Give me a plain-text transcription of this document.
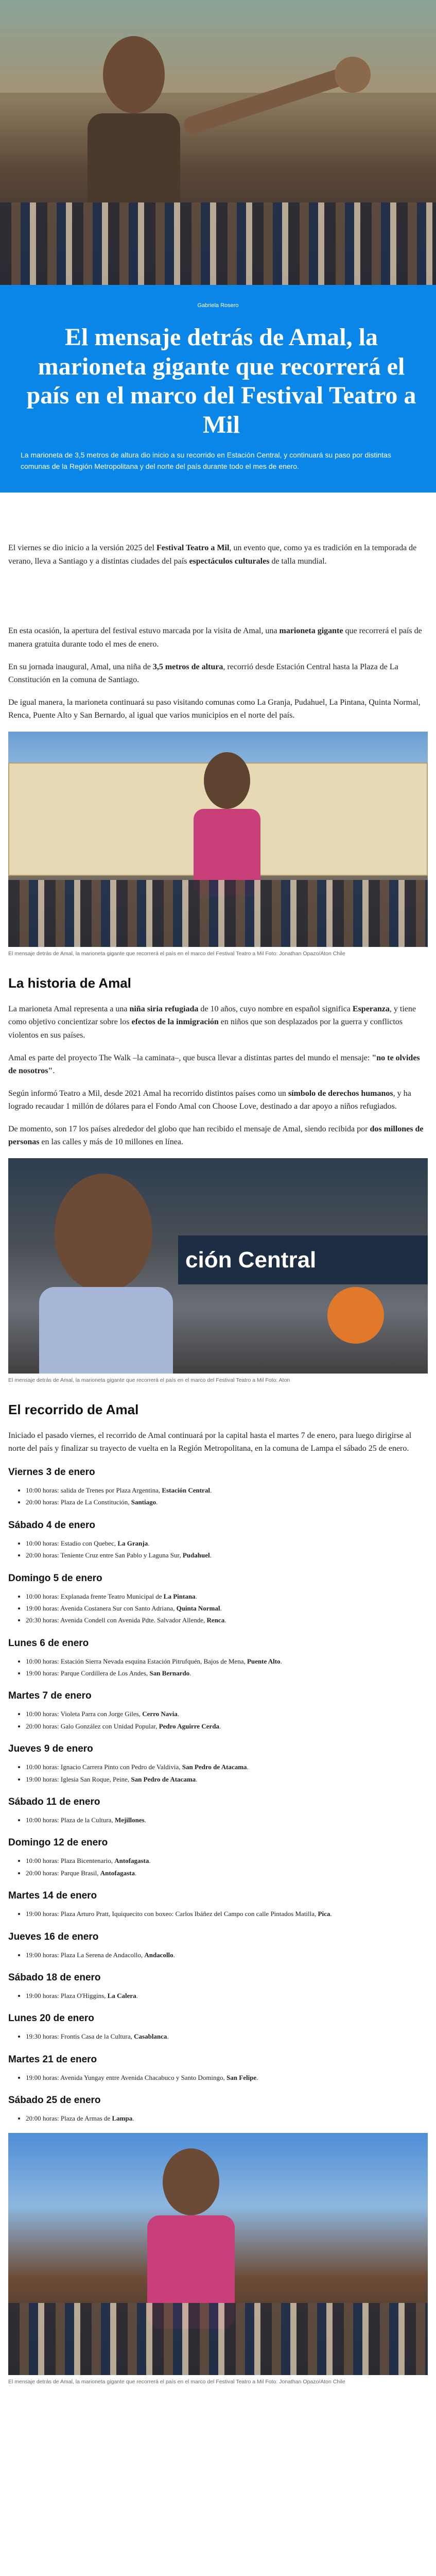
Gabriela Rosero
El mensaje detrás de Amal, la marioneta gigante que recorrerá el país en el marco del Festival Teatro a Mil

La marioneta de 3,5 metros de altura dio inicio a su recorrido en Estación Central, y continuará su paso por distintas comunas de la Región Metropolitana y del norte del país durante todo el mes de enero.

El viernes se dio inicio a la versión 2025 del Festival Teatro a Mil, un evento que, como ya es tradición en la temporada de verano, lleva a Santiago y a distintas ciudades del país espectáculos culturales de talla mundial.

En esta ocasión, la apertura del festival estuvo marcada por la visita de Amal, una marioneta gigante que recorrerá el país de manera gratuita durante todo el mes de enero.

En su jornada inaugural, Amal, una niña de 3,5 metros de altura, recorrió desde Estación Central hasta la Plaza de La Constitución en la comuna de Santiago.

De igual manera, la marioneta continuará su paso visitando comunas como La Granja, Pudahuel, La Pintana, Quinta Normal, Renca, Puente Alto y San Bernardo, al igual que varios municipios en el norte del país.

El mensaje detrás de Amal, la marioneta gigante que recorrerá el país en el marco del Festival Teatro a Mil Foto: Jonathan Opazo/Aton Chile
La historia de Amal

La marioneta Amal representa a una niña siria refugiada de 10 años, cuyo nombre en español significa Esperanza, y tiene como objetivo concientizar sobre los efectos de la inmigración en niños que son desplazados por la guerra y conflictos violentos en sus países.

Amal es parte del proyecto The Walk –la caminata–, que busca llevar a distintas partes del mundo el mensaje: "no te olvides de nosotros".

Según informó Teatro a Mil, desde 2021 Amal ha recorrido distintos países como un símbolo de derechos humanos, y ha logrado recaudar 1 millón de dólares para el Fondo Amal con Choose Love, destinado a dar apoyo a niños refugiados.

De momento, son 17 los países alrededor del globo que han recibido el mensaje de Amal, siendo recibida por dos millones de personas en las calles y más de 10 millones en línea.

ción Central
El mensaje detrás de Amal, la marioneta gigante que recorrerá el país en el marco del Festival Teatro a Mil Foto: Aton
El recorrido de Amal

Iniciado el pasado viernes, el recorrido de Amal continuará por la capital hasta el martes 7 de enero, para luego dirigirse al norte del país y finalizar su trayecto de vuelta en la Región Metropolitana, en la comuna de Lampa el sábado 25 de enero.

Viernes 3 de enero
• 10:00 horas: salida de Trenes por Plaza Argentina, Estación Central.
• 20:00 horas: Plaza de La Constitución, Santiago.
Sábado 4 de enero
• 10:00 horas: Estadio con Quebec, La Granja.
• 20:00 horas: Teniente Cruz entre San Pablo y Laguna Sur, Pudahuel.
Domingo 5 de enero
• 10:00 horas: Explanada frente Teatro Municipal de La Pintana.
• 19:00 horas: Avenida Costanera Sur con Santo Adriana, Quinta Normal.
• 20:30 horas: Avenida Condell con Avenida Pdte. Salvador Allende, Renca.
Lunes 6 de enero
• 10:00 horas: Estación Sierra Nevada esquina Estación Pitrufquén, Bajos de Mena, Puente Alto.
• 19:00 horas: Parque Cordillera de Los Andes, San Bernardo.
Martes 7 de enero
• 10:00 horas: Violeta Parra con Jorge Giles, Cerro Navia.
• 20:00 horas: Galo González con Unidad Popular, Pedro Aguirre Cerda.
Jueves 9 de enero
• 10:00 horas: Ignacio Carrera Pinto con Pedro de Valdivia, San Pedro de Atacama.
• 19:00 horas: Iglesia San Roque, Peine, San Pedro de Atacama.
Sábado 11 de enero
• 10:00 horas: Plaza de la Cultura, Mejillones.
Domingo 12 de enero
• 10:00 horas: Plaza Bicentenario, Antofagasta.
• 20:00 horas: Parque Brasil, Antofagasta.
Martes 14 de enero
• 19:00 horas: Plaza Arturo Pratt, Iquiquecito con boxeo: Carlos Ibáñez del Campo con calle Pintados Matilla, Pica.
Jueves 16 de enero
• 19:00 horas: Plaza La Serena de Andacollo, Andacollo.
Sábado 18 de enero
• 19:00 horas: Plaza O'Higgins, La Calera.
Lunes 20 de enero
• 19:30 horas: Frontis Casa de la Cultura, Casablanca.
Martes 21 de enero
• 19:00 horas: Avenida Yungay entre Avenida Chacabuco y Santo Domingo, San Felipe.
Sábado 25 de enero
• 20:00 horas: Plaza de Armas de Lampa.
El mensaje detrás de Amal, la marioneta gigante que recorrerá el país en el marco del Festival Teatro a Mil Foto: Jonathan Opazo/Aton Chile
